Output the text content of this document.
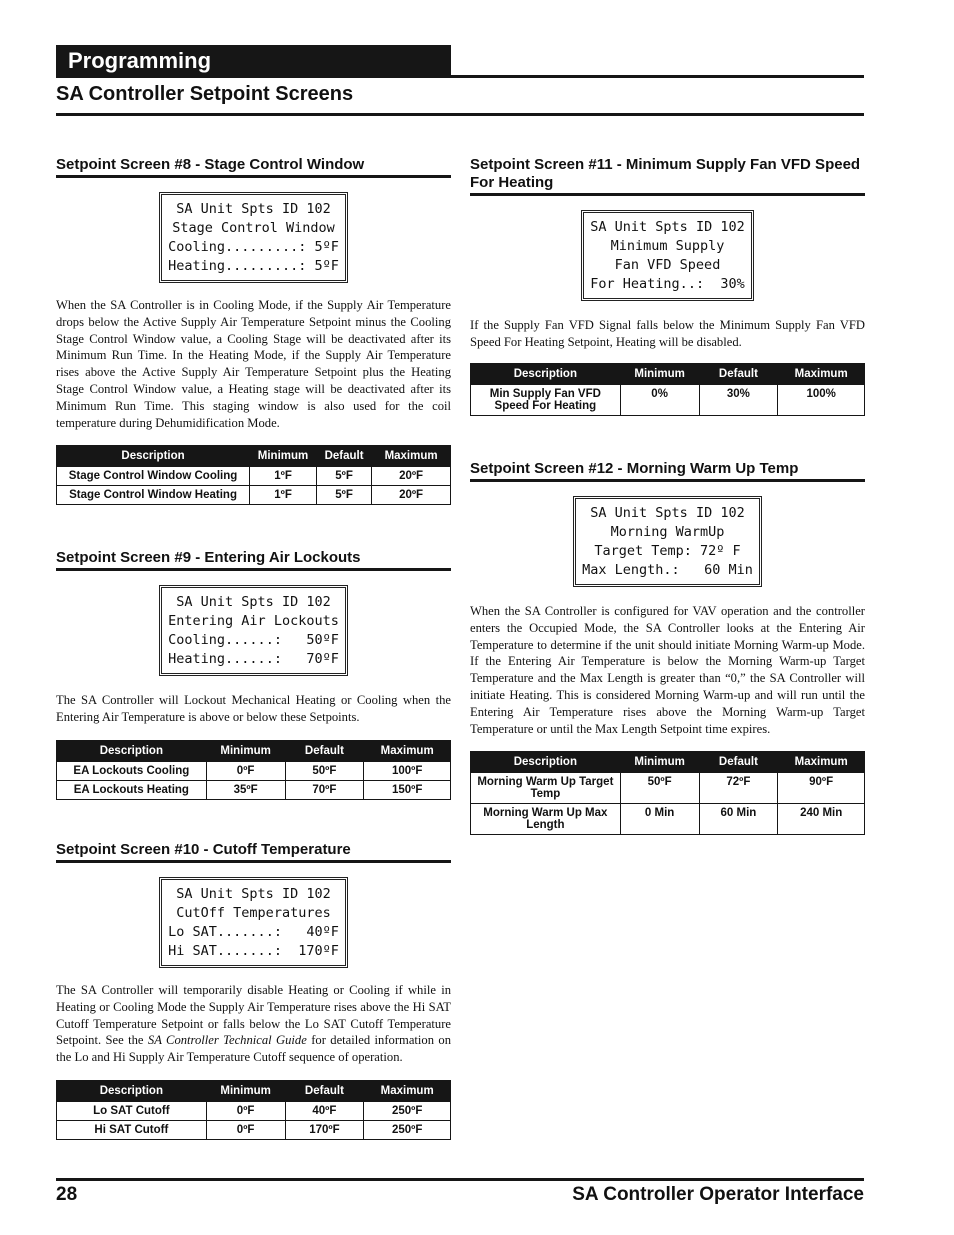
Programming
SA Controller Setpoint Screens
Setpoint Screen #8 - Stage Control Window
SA Unit Spts ID 102
Stage Control Window
Cooling.........: 5ºF
Heating.........: 5ºF

When the SA Controller is in Cooling Mode, if the Supply Air Temperature drops below the Active Supply Air Temperature Setpoint minus the Cooling Stage Control Window value, a Cooling Stage will be deactivated after its Minimum Run Time. In the Heating Mode, if the Supply Air Temperature rises above the Active Supply Air Temperature Setpoint plus the Heating Stage Control Window value, a Heating stage will be deactivated after its Minimum Run Time. This staging window is also used for the coil temperature during Dehumidification Mode.

Description	Minimum	Default	Maximum
Stage Control Window Cooling	1ºF	5ºF	20ºF
Stage Control Window Heating	1ºF	5ºF	20ºF
Setpoint Screen #9 - Entering Air Lockouts
SA Unit Spts ID 102
Entering Air Lockouts
Cooling......:   50ºF
Heating......:   70ºF

The SA Controller will Lockout Mechanical Heating or Cooling when the Entering Air Temperature is above or below these Setpoints.

Description	Minimum	Default	Maximum
EA Lockouts Cooling	0ºF	50ºF	100ºF
EA Lockouts Heating	35ºF	70ºF	150ºF
Setpoint Screen #10 - Cutoff Temperature
SA Unit Spts ID 102
CutOff Temperatures
Lo SAT.......:   40ºF
Hi SAT.......:  170ºF

The SA Controller will temporarily disable Heating or Cooling if while in Heating or Cooling Mode the Supply Air Temperature rises above the Hi SAT Cutoff Temperature Setpoint or falls below the Lo SAT Cutoff Temperature Setpoint. See the SA Controller Technical Guide for detailed information on the Lo and Hi Supply Air Temperature Cutoff sequence of operation.

Description	Minimum	Default	Maximum
Lo SAT Cutoff	0ºF	40ºF	250ºF
Hi SAT Cutoff	0ºF	170ºF	250ºF
Setpoint Screen #11 - Minimum Supply Fan VFD Speed For Heating
SA Unit Spts ID 102
Minimum Supply
Fan VFD Speed
For Heating..:  30%

If the Supply Fan VFD Signal falls below the Minimum Supply Fan VFD Speed For Heating Setpoint, Heating will be disabled.

Description	Minimum	Default	Maximum
Min Supply Fan VFD Speed For Heating	0%	30%	100%
Setpoint Screen #12 - Morning Warm Up Temp
SA Unit Spts ID 102
Morning WarmUp
Target Temp: 72º F
Max Length.:   60 Min

When the SA Controller is configured for VAV operation and the controller enters the Occupied Mode, the SA Controller looks at the Entering Air Temperature to determine if the unit should initiate Morning Warm-up Mode. If the Entering Air Temperature is below the Morning Warm-up Target Temperature and the Max Length is greater than “0,” the SA Controller will initiate Heating. This is considered Morning Warm-up and will run until the Entering Air Temperature rises above the Morning Warm-up Target Temperature or until the Max Length Setpoint time expires.

Description	Minimum	Default	Maximum
Morning Warm Up Target Temp	50ºF	72ºF	90ºF
Morning Warm Up Max Length	0 Min	60 Min	240 Min
28	SA Controller Operator Interface
